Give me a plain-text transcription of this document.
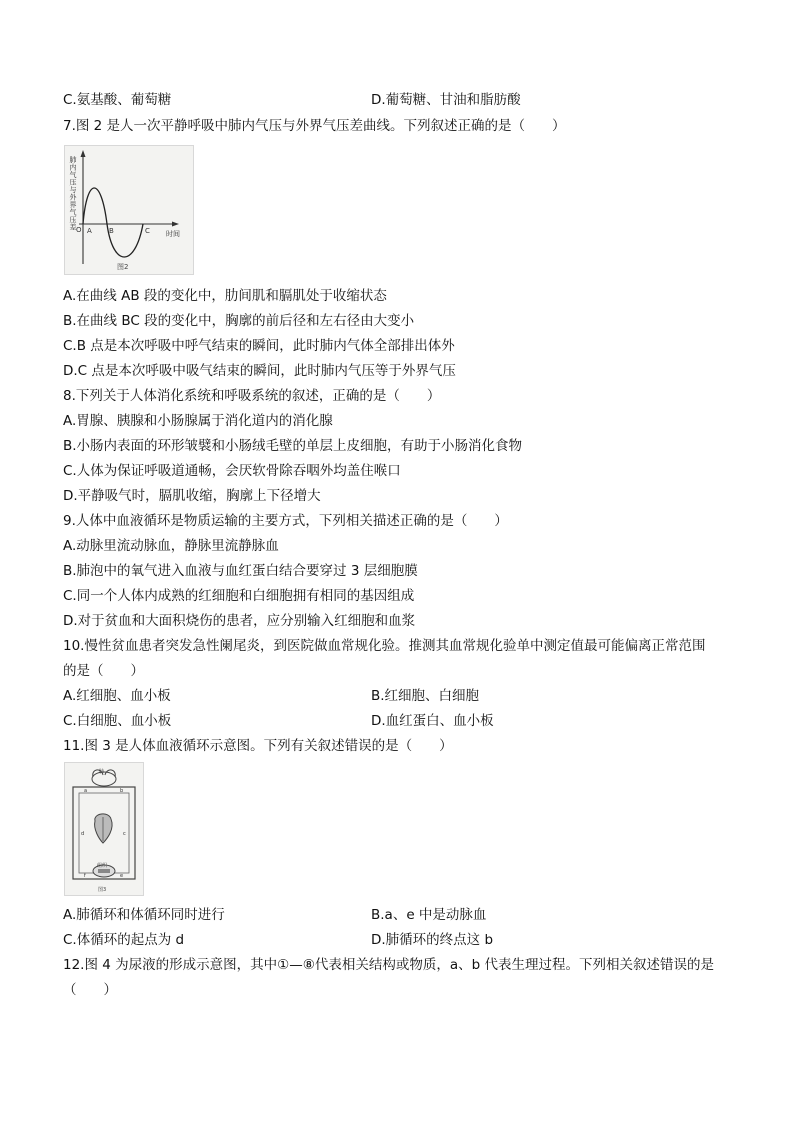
C.氨基酸、葡萄糖	D.葡萄糖、甘油和脂肪酸
7.图 2 是人一次平静呼吸中肺内气压与外界气压差曲线。下列叙述正确的是（　　）
肺内气压与外界气压差 O A B	C 时间
图2
A.在曲线 AB 段的变化中，肋间肌和膈肌处于收缩状态
B.在曲线 BC 段的变化中，胸廓的前后径和左右径由大变小
C.B 点是本次呼吸中呼气结束的瞬间，此时肺内气体全部排出体外
D.C 点是本次呼吸中吸气结束的瞬间，此时肺内气压等于外界气压
8.下列关于人体消化系统和呼吸系统的叙述，正确的是（　　）
A.胃腺、胰腺和小肠腺属于消化道内的消化腺
B.小肠内表面的环形皱襞和小肠绒毛壁的单层上皮细胞，有助于小肠消化食物
C.人体为保证呼吸道通畅，会厌软骨除吞咽外均盖住喉口
D.平静吸气时，膈肌收缩，胸廓上下径增大
9.人体中血液循环是物质运输的主要方式，下列相关描述正确的是（　　）
A.动脉里流动脉血，静脉里流静脉血
B.肺泡中的氧气进入血液与血红蛋白结合要穿过 3 层细胞膜
C.同一个人体内成熟的红细胞和白细胞拥有相同的基因组成
D.对于贫血和大面积烧伤的患者，应分别输入红细胞和血浆
10.慢性贫血患者突发急性阑尾炎，到医院做血常规化验。推测其血常规化验单中测定值最可能偏离正常范围
的是（　　）
A.红细胞、血小板	B.红细胞、白细胞
C.白细胞、血小板	D.血红蛋白、血小板
11.图 3 是人体血液循环示意图。下列有关叙述错误的是（　　）
肺
组织
a	b
c
d
e
f
图3
A.肺循环和体循环同时进行	B.a、e 中是动脉血
C.体循环的起点为 d	D.肺循环的终点这 b
12.图 4 为尿液的形成示意图，其中①—⑧代表相关结构或物质，a、b 代表生理过程。下列相关叙述错误的是
（　　）
